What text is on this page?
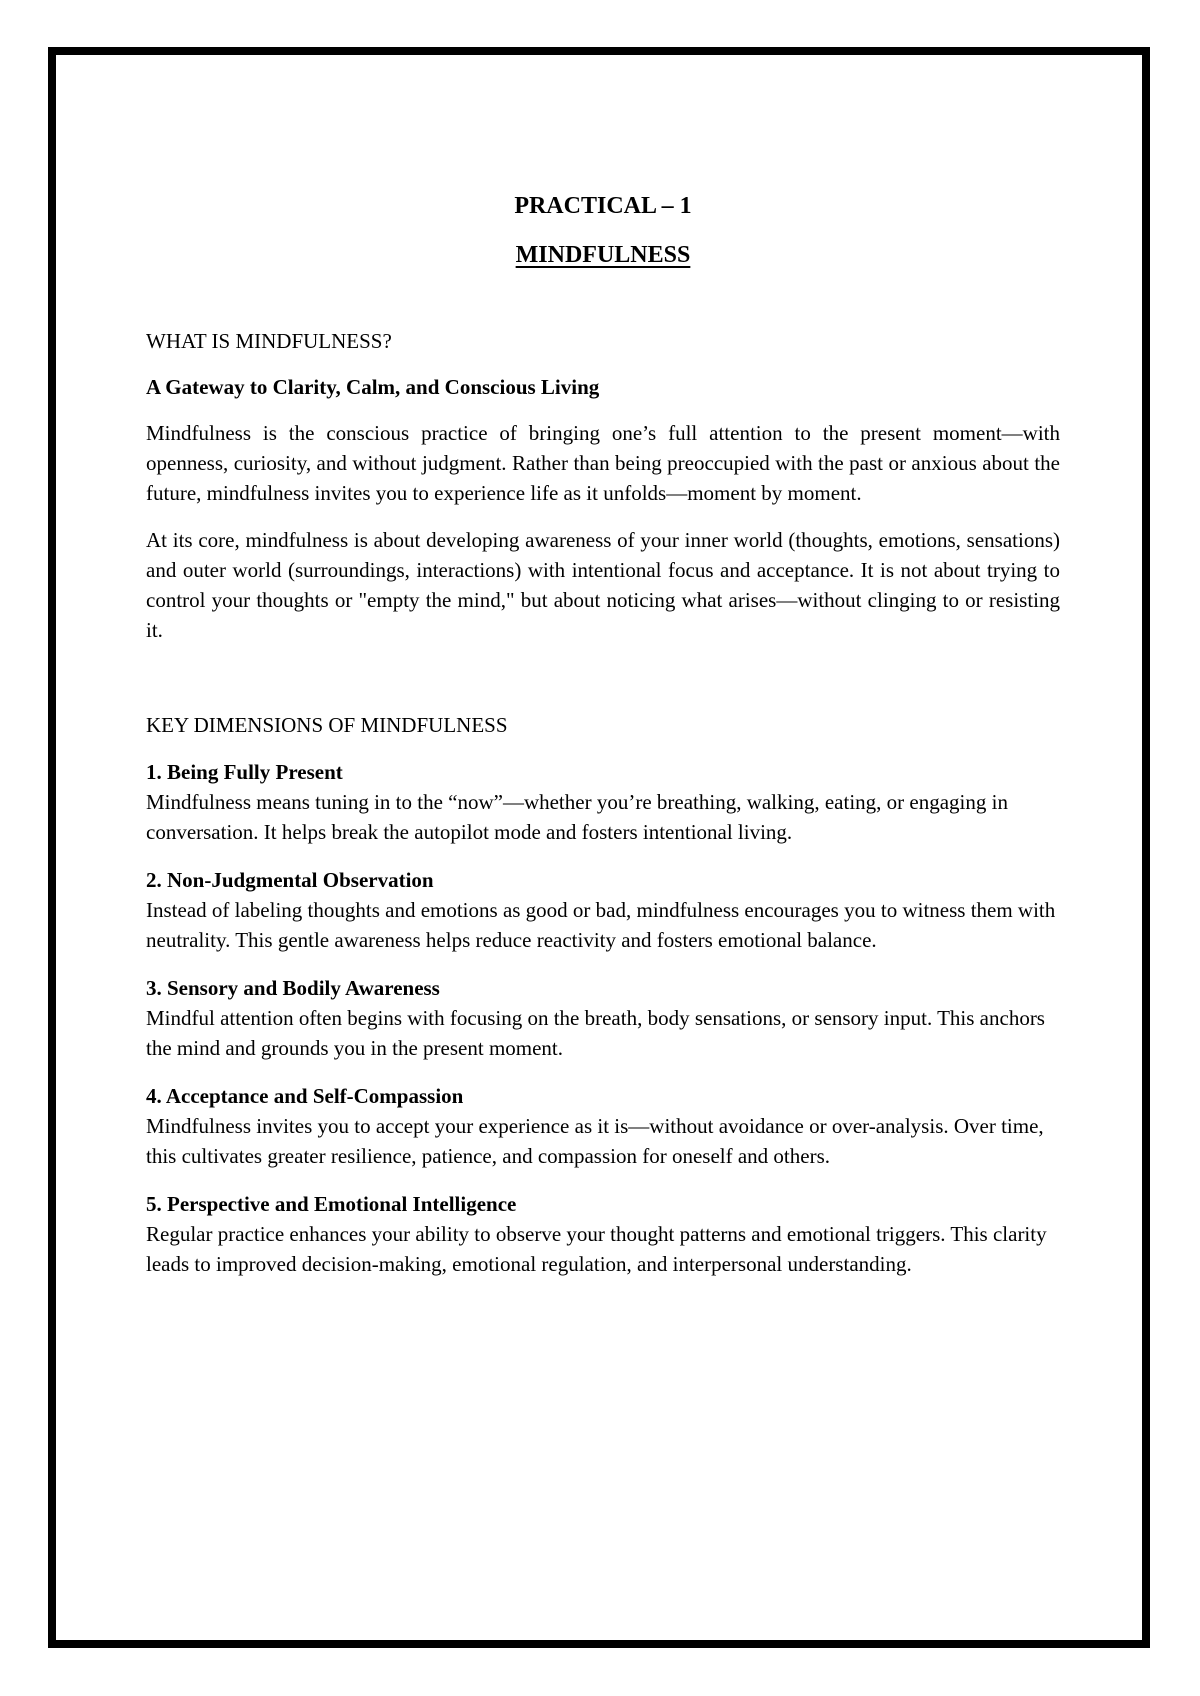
PRACTICAL – 1
MINDFULNESS

WHAT IS MINDFULNESS?

A Gateway to Clarity, Calm, and Conscious Living

Mindfulness is the conscious practice of bringing one’s full attention to the present moment—with openness, curiosity, and without judgment. Rather than being preoccupied with the past or anxious about the future, mindfulness invites you to experience life as it unfolds—moment by moment.

At its core, mindfulness is about developing awareness of your inner world (thoughts, emotions, sensations) and outer world (surroundings, interactions) with intentional focus and acceptance. It is not about trying to control your thoughts or "empty the mind," but about noticing what arises—without clinging to or resisting it.

KEY DIMENSIONS OF MINDFULNESS

1. Being Fully Present

Mindfulness means tuning in to the “now”—whether you’re breathing, walking, eating, or engaging in conversation. It helps break the autopilot mode and fosters intentional living.

2. Non-Judgmental Observation

Instead of labeling thoughts and emotions as good or bad, mindfulness encourages you to witness them with neutrality. This gentle awareness helps reduce reactivity and fosters emotional balance.

3. Sensory and Bodily Awareness

Mindful attention often begins with focusing on the breath, body sensations, or sensory input. This anchors the mind and grounds you in the present moment.

4. Acceptance and Self-Compassion

Mindfulness invites you to accept your experience as it is—without avoidance or over-analysis. Over time, this cultivates greater resilience, patience, and compassion for oneself and others.

5. Perspective and Emotional Intelligence

Regular practice enhances your ability to observe your thought patterns and emotional triggers. This clarity leads to improved decision-making, emotional regulation, and interpersonal understanding.
